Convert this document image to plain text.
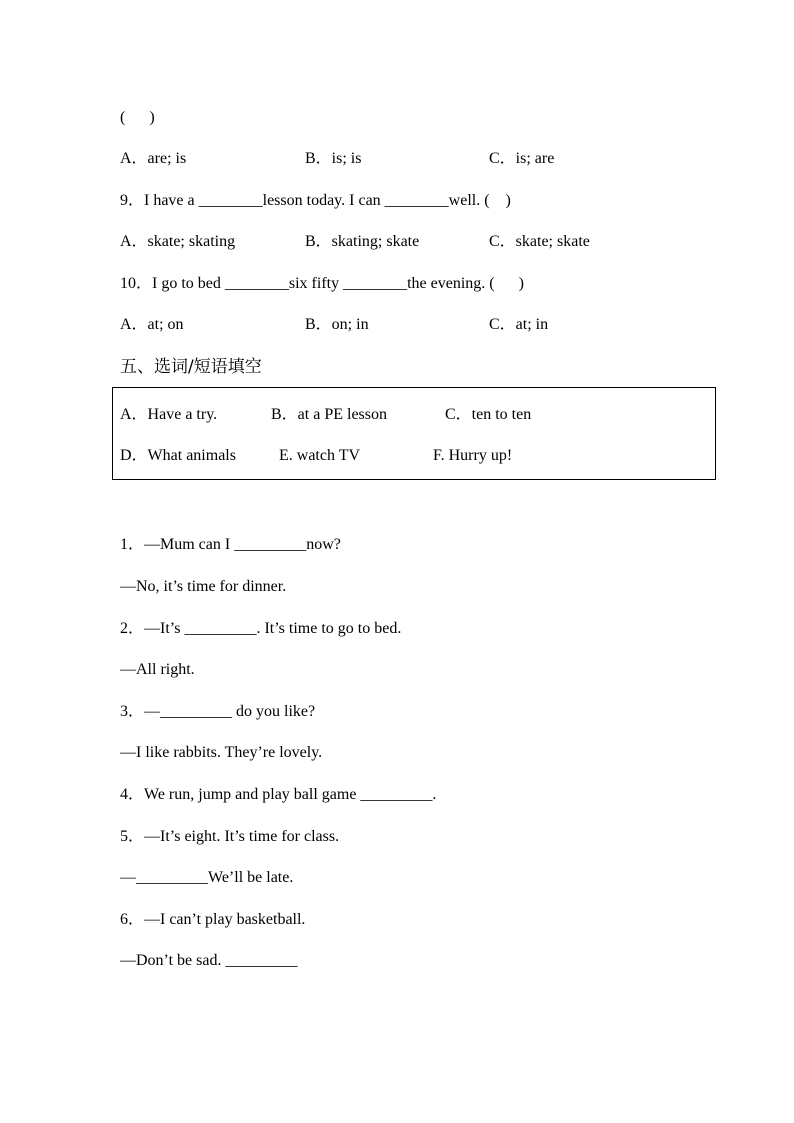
(      )
A．are; is	B．is; is	C．is; are
9．I have a ________lesson today. I can ________well. (    )
A．skate; skating	B．skating; skate	C．skate; skate
10．I go to bed ________six fifty ________the evening. (      )
A．at; on	B．on; in	C．at; in
五、选词/短语填空
A．Have a try.	B．at a PE lesson	C．ten to ten
D．What animals	E. watch TV	F. Hurry up!
1．—Mum can I _________now?
—No, it’s time for dinner.
2．—It’s _________. It’s time to go to bed.
—All right.
3．—_________ do you like?
—I like rabbits. They’re lovely.
4．We run, jump and play ball game _________.
5．—It’s eight. It’s time for class.
—_________We’ll be late.
6．—I can’t play basketball.
—Don’t be sad. _________
